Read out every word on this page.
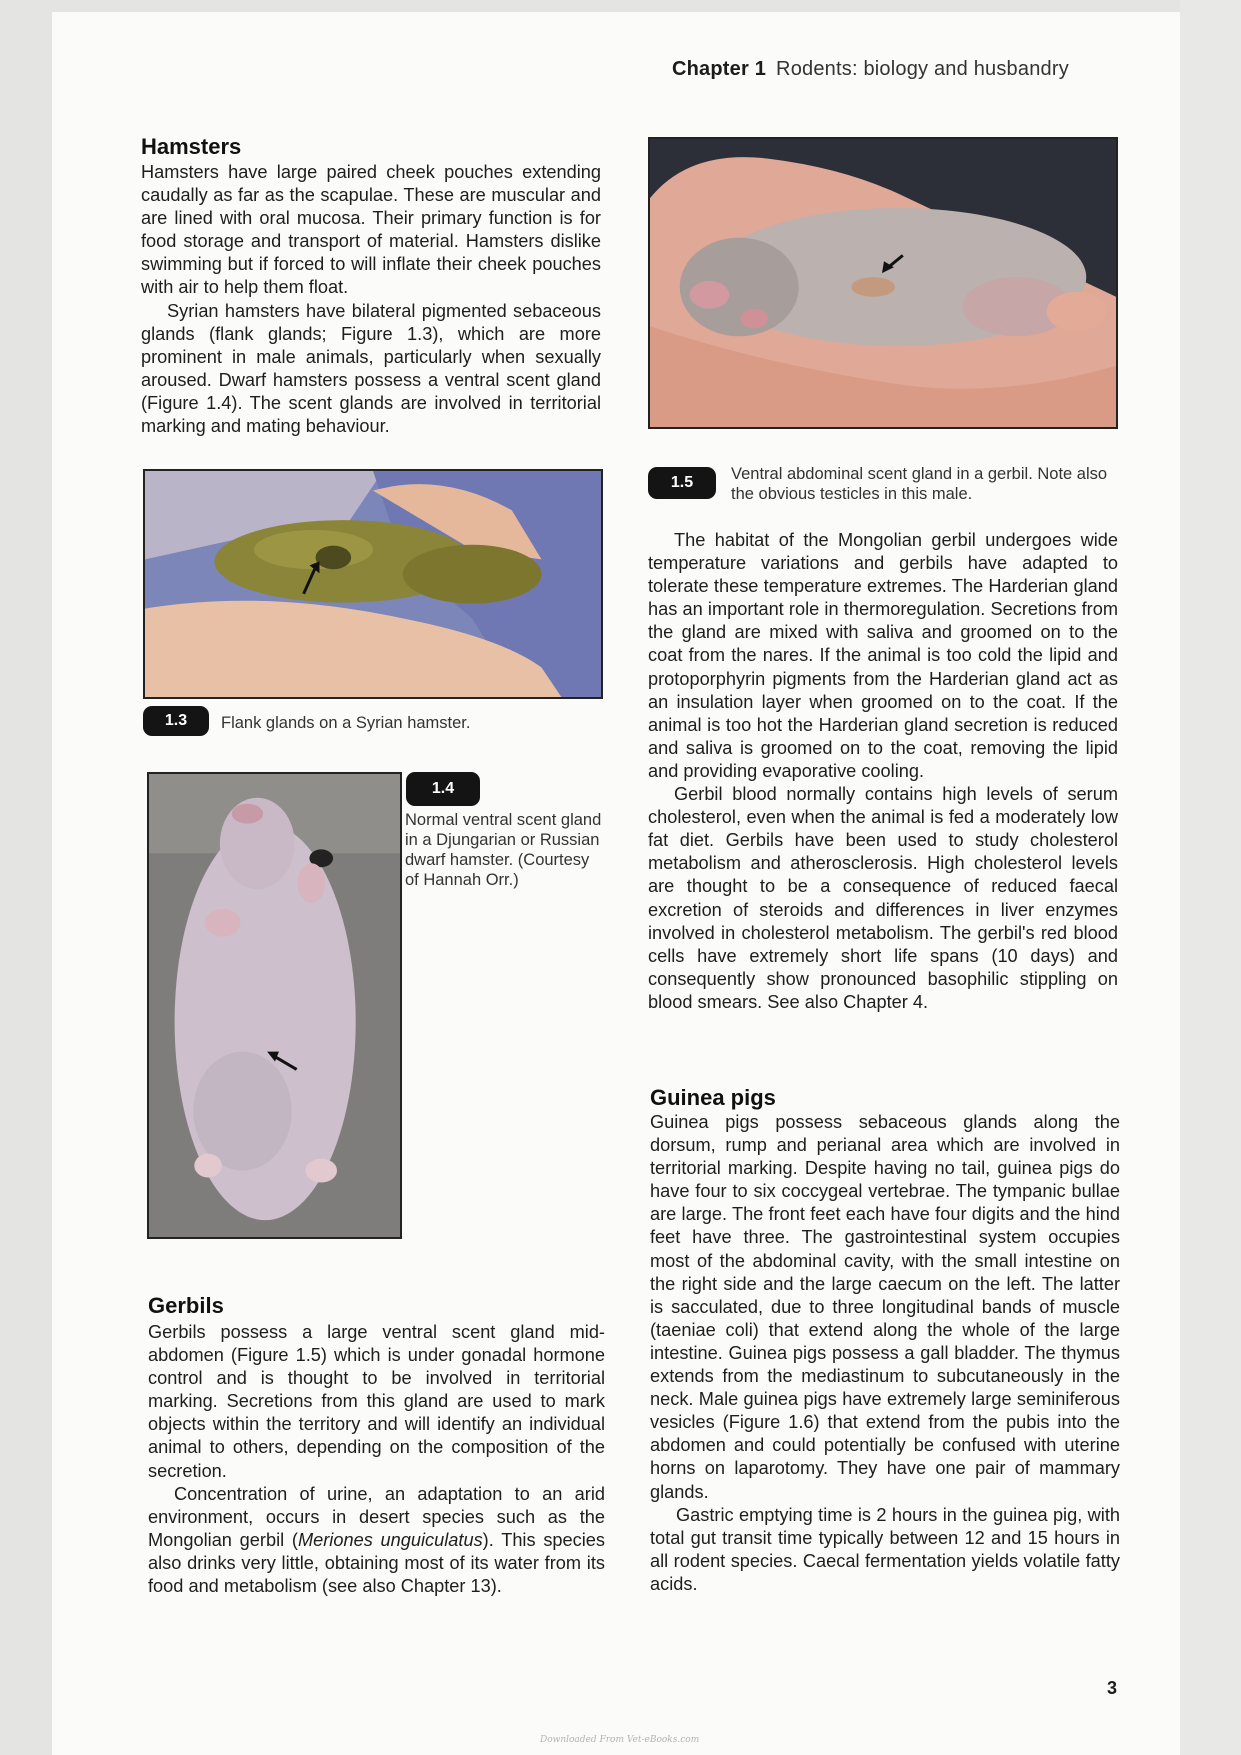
Chapter 1 Rodents: biology and husbandry
Hamsters

Hamsters have large paired cheek pouches extending caudally as far as the scapulae. These are muscular and are lined with oral mucosa. Their primary function is for food storage and transport of material. Hamsters dislike swimming but if forced to will inflate their cheek pouches with air to help them float.

Syrian hamsters have bilateral pigmented sebaceous glands (flank glands; Figure 1.3), which are more prominent in male animals, particularly when sexually aroused. Dwarf hamsters possess a ventral scent gland (Figure 1.4). The scent glands are involved in territorial marking and mating behaviour.

1.3	Flank glands on a Syrian hamster.

1.4

Normal ventral scent gland in a Djungarian or Russian dwarf hamster. (Courtesy of Hannah Orr.)

Gerbils

Gerbils possess a large ventral scent gland mid-abdomen (Figure 1.5) which is under gonadal hormone control and is thought to be involved in territorial marking. Secretions from this gland are used to mark objects within the territory and will identify an individual animal to others, depending on the composition of the secretion.

Concentration of urine, an adaptation to an arid environment, occurs in desert species such as the Mongolian gerbil (Meriones unguiculatus). This species also drinks very little, obtaining most of its water from its food and metabolism (see also Chapter 13).

1.5	Ventral abdominal scent gland in a gerbil. Note also the obvious testicles in this male.

The habitat of the Mongolian gerbil undergoes wide temperature variations and gerbils have adapted to tolerate these temperature extremes. The Harderian gland has an important role in thermoregulation. Secretions from the gland are mixed with saliva and groomed on to the coat from the nares. If the animal is too cold the lipid and protoporphyrin pigments from the Harderian gland act as an insulation layer when groomed on to the coat. If the animal is too hot the Harderian gland secretion is reduced and saliva is groomed on to the coat, removing the lipid and providing evaporative cooling.

Gerbil blood normally contains high levels of serum cholesterol, even when the animal is fed a moderately low fat diet. Gerbils have been used to study cholesterol metabolism and atherosclerosis. High cholesterol levels are thought to be a consequence of reduced faecal excretion of steroids and differences in liver enzymes involved in cholesterol metabolism. The gerbil's red blood cells have extremely short life spans (10 days) and consequently show pronounced basophilic stippling on blood smears. See also Chapter 4.

Guinea pigs

Guinea pigs possess sebaceous glands along the dorsum, rump and perianal area which are involved in territorial marking. Despite having no tail, guinea pigs do have four to six coccygeal vertebrae. The tympanic bullae are large. The front feet each have four digits and the hind feet have three. The gastrointestinal system occupies most of the abdominal cavity, with the small intestine on the right side and the large caecum on the left. The latter is sacculated, due to three longitudinal bands of muscle (taeniae coli) that extend along the whole of the large intestine. Guinea pigs possess a gall bladder. The thymus extends from the mediastinum to subcutaneously in the neck. Male guinea pigs have extremely large seminiferous vesicles (Figure 1.6) that extend from the pubis into the abdomen and could potentially be confused with uterine horns on laparotomy. They have one pair of mammary glands.

Gastric emptying time is 2 hours in the guinea pig, with total gut transit time typically between 12 and 15 hours in all rodent species. Caecal fermentation yields volatile fatty acids.

3
Downloaded From Vet-eBooks.com
